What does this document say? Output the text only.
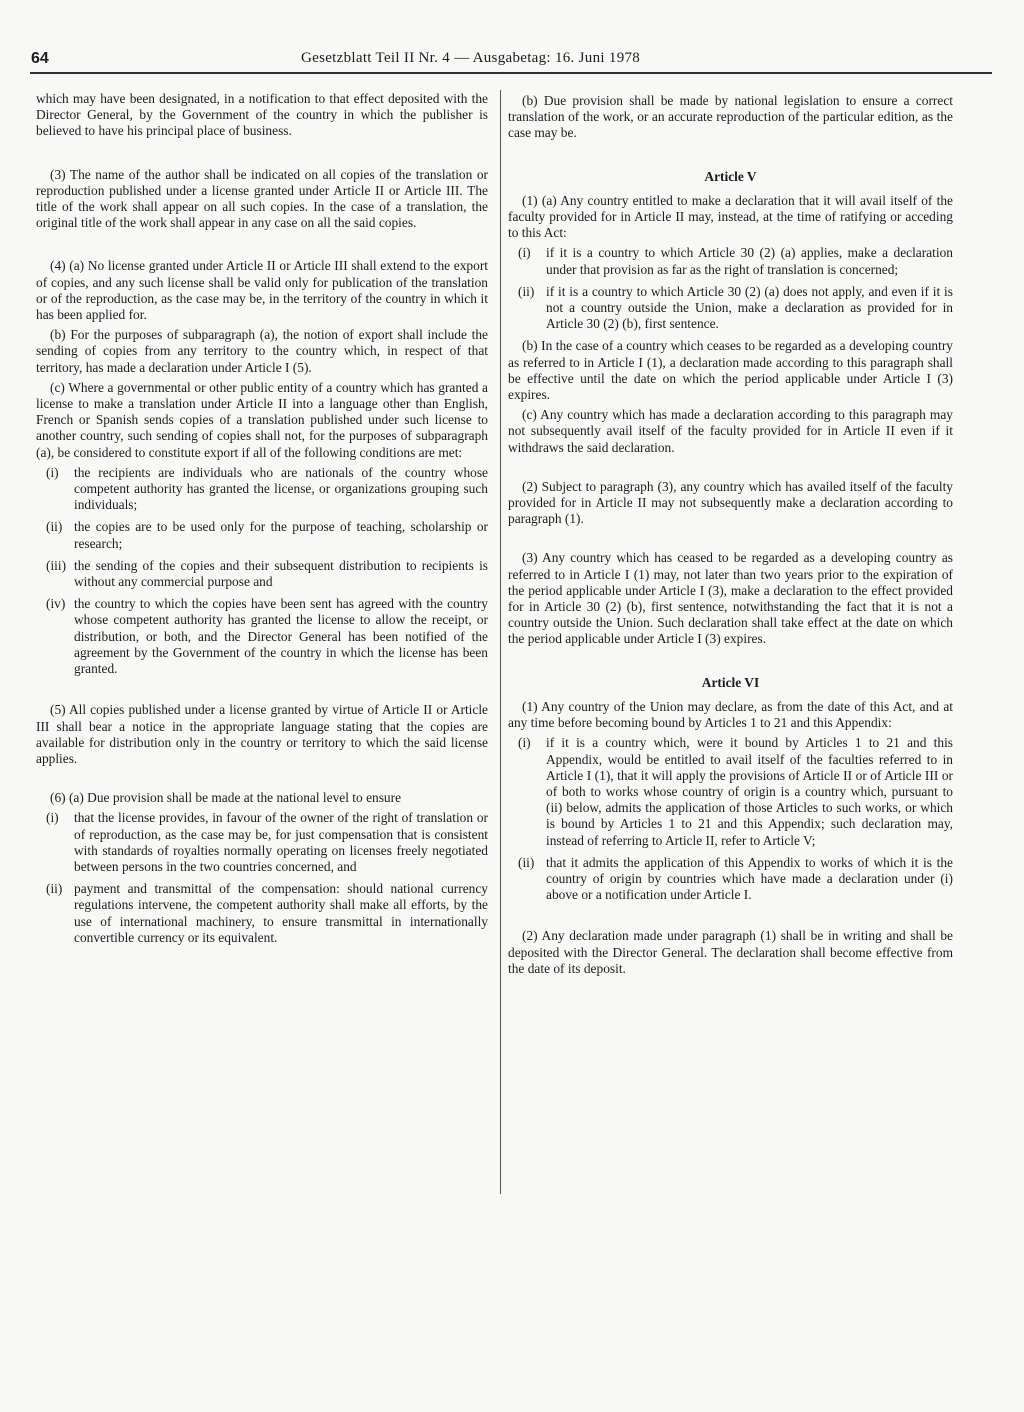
64	Gesetzblatt Teil II Nr. 4 — Ausgabetag: 16. Juni 1978

which may have been designated, in a notification to that effect deposited with the Director General, by the Government of the country in which the publisher is believed to have his principal place of business.

(3) The name of the author shall be indicated on all copies of the translation or reproduction published under a license granted under Article II or Article III. The title of the work shall appear on all such copies. In the case of a translation, the original title of the work shall appear in any case on all the said copies.

(4) (a) No license granted under Article II or Article III shall extend to the export of copies, and any such license shall be valid only for publication of the translation or of the reproduction, as the case may be, in the territory of the country in which it has been applied for.

(b) For the purposes of subparagraph (a), the notion of export shall include the sending of copies from any territory to the country which, in respect of that territory, has made a declaration under Article I (5).

(c) Where a governmental or other public entity of a country which has granted a license to make a translation under Article II into a language other than English, French or Spanish sends copies of a translation published under such license to another country, such sending of copies shall not, for the purposes of subparagraph (a), be considered to constitute export if all of the following conditions are met:

(i)	the recipients are individuals who are nationals of the country whose competent authority has granted the license, or organizations grouping such individuals;
(ii) the copies are to be used only for the purpose of teaching, scholarship or research;
(iii) the sending of the copies and their subsequent distribution to recipients is without any commercial purpose and
(iv) the country to which the copies have been sent has agreed with the country whose competent authority has granted the license to allow the receipt, or distribution, or both, and the Director General has been notified of the agreement by the Government of the country in which the license has been granted.

(5) All copies published under a license granted by virtue of Article II or Article III shall bear a notice in the appropriate language stating that the copies are available for distribution only in the country or territory to which the said license applies.

(6) (a) Due provision shall be made at the national level to ensure

(i)	that the license provides, in favour of the owner of the right of translation or of reproduction, as the case may be, for just compensation that is consistent with standards of royalties normally operating on licenses freely negotiated between persons in the two countries concerned, and
(ii) payment and transmittal of the compensation: should national currency regulations intervene, the competent authority shall make all efforts, by the use of international machinery, to ensure transmittal in internationally convertible currency or its equivalent.

(b) Due provision shall be made by national legislation to ensure a correct translation of the work, or an accurate reproduction of the particular edition, as the case may be.

Article V

(1) (a) Any country entitled to make a declaration that it will avail itself of the faculty provided for in Article II may, instead, at the time of ratifying or acceding to this Act:

(i)	if it is a country to which Article 30 (2) (a) applies, make a declaration under that provision as far as the right of translation is concerned;
(ii) if it is a country to which Article 30 (2) (a) does not apply, and even if it is not a country outside the Union, make a declaration as provided for in Article 30 (2) (b), first sentence.

(b) In the case of a country which ceases to be regarded as a developing country as referred to in Article I (1), a declaration made according to this paragraph shall be effective until the date on which the period applicable under Article I (3) expires.

(c) Any country which has made a declaration according to this paragraph may not subsequently avail itself of the faculty provided for in Article II even if it withdraws the said declaration.

(2) Subject to paragraph (3), any country which has availed itself of the faculty provided for in Article II may not subsequently make a declaration according to paragraph (1).

(3) Any country which has ceased to be regarded as a developing country as referred to in Article I (1) may, not later than two years prior to the expiration of the period applicable under Article I (3), make a declaration to the effect provided for in Article 30 (2) (b), first sentence, notwithstanding the fact that it is not a country outside the Union. Such declaration shall take effect at the date on which the period applicable under Article I (3) expires.

Article VI

(1) Any country of the Union may declare, as from the date of this Act, and at any time before becoming bound by Articles 1 to 21 and this Appendix:

(i)	if it is a country which, were it bound by Articles 1 to 21 and this Appendix, would be entitled to avail itself of the faculties referred to in Article I (1), that it will apply the provisions of Article II or of Article III or of both to works whose country of origin is a country which, pursuant to (ii) below, admits the application of those Articles to such works, or which is bound by Articles 1 to 21 and this Appendix; such declaration may, instead of referring to Article II, refer to Article V;
(ii) that it admits the application of this Appendix to works of which it is the country of origin by countries which have made a declaration under (i) above or a notification under Article I.

(2) Any declaration made under paragraph (1) shall be in writing and shall be deposited with the Director General. The declaration shall become effective from the date of its deposit.
